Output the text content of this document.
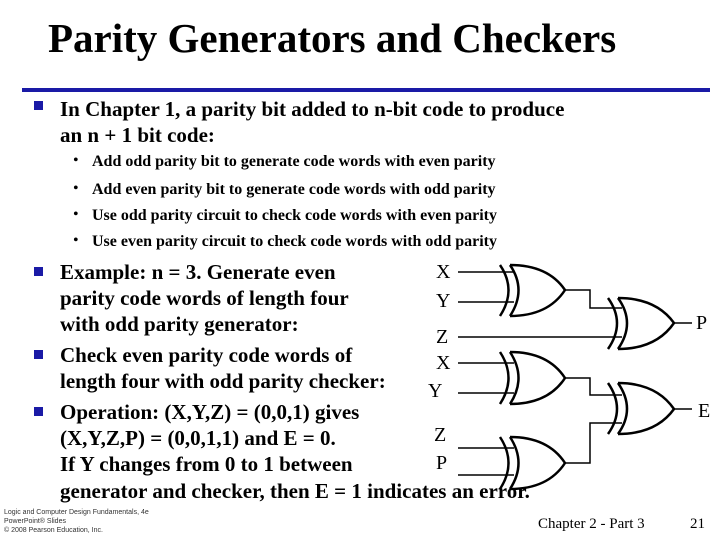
Parity Generators and Checkers
In Chapter 1, a parity bit added to n-bit code to produce
an n + 1 bit code:
• Add odd parity bit to generate code words with even parity
• Add even parity bit to generate code words with odd parity
• Use odd parity circuit to check code words with even parity
• Use even parity circuit to check code words with odd parity
Example: n = 3. Generate even
parity code words of length four
with odd parity generator:
Check even parity code words of
length four with odd parity checker:
Operation: (X,Y,Z) = (0,0,1) gives
(X,Y,Z,P) = (0,0,1,1) and E = 0.
If Y changes from 0 to 1 between
generator and checker, then E = 1 indicates an error.
X
Y
Z
P
X
Y
Z
P
E
Logic and Computer Design Fundamentals, 4e
PowerPoint® Slides
© 2008 Pearson Education, Inc.	Chapter 2 - Part 3	21
